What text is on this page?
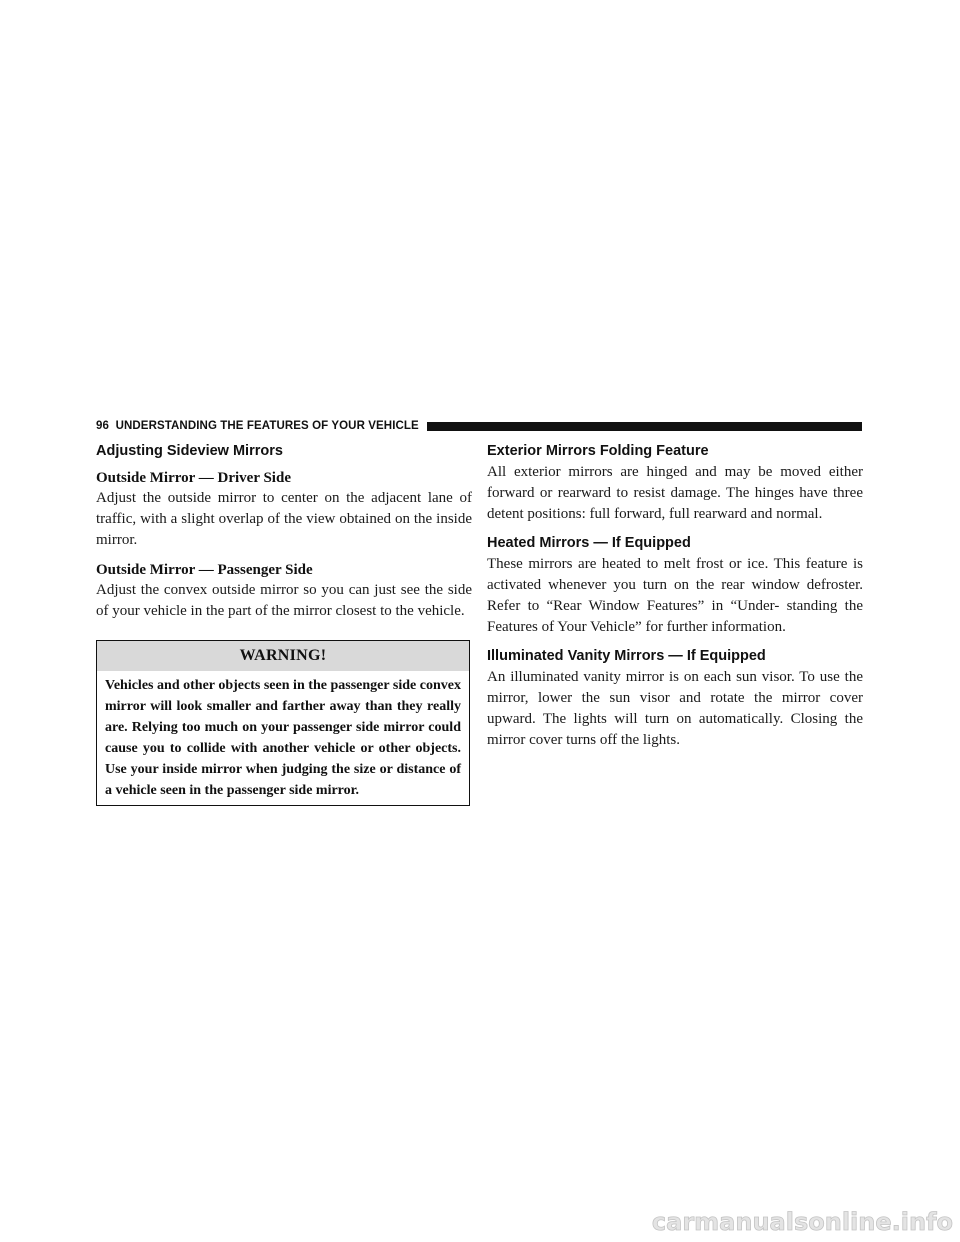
96 UNDERSTANDING THE FEATURES OF YOUR VEHICLE
Adjusting Sideview Mirrors
Outside Mirror — Driver Side

Adjust the outside mirror to center on the adjacent lane of traffic, with a slight overlap of the view obtained on the inside mirror.

Outside Mirror — Passenger Side

Adjust the convex outside mirror so you can just see the side of your vehicle in the part of the mirror closest to the vehicle.

WARNING!

Vehicles and other objects seen in the passenger side convex mirror will look smaller and farther away than they really are. Relying too much on your passenger side mirror could cause you to collide with another vehicle or other objects. Use your inside mirror when judging the size or distance of a vehicle seen in the passenger side mirror.

Exterior Mirrors Folding Feature

All exterior mirrors are hinged and may be moved either forward or rearward to resist damage. The hinges have three detent positions: full forward, full rearward and normal.

Heated Mirrors — If Equipped

These mirrors are heated to melt frost or ice. This feature is activated whenever you turn on the rear window defroster. Refer to “Rear Window Features” in “Under- standing the Features of Your Vehicle” for further information.

Illuminated Vanity Mirrors — If Equipped

An illuminated vanity mirror is on each sun visor. To use the mirror, lower the sun visor and rotate the mirror cover upward. The lights will turn on automatically. Closing the mirror cover turns off the lights.

carmanualsonline.info
